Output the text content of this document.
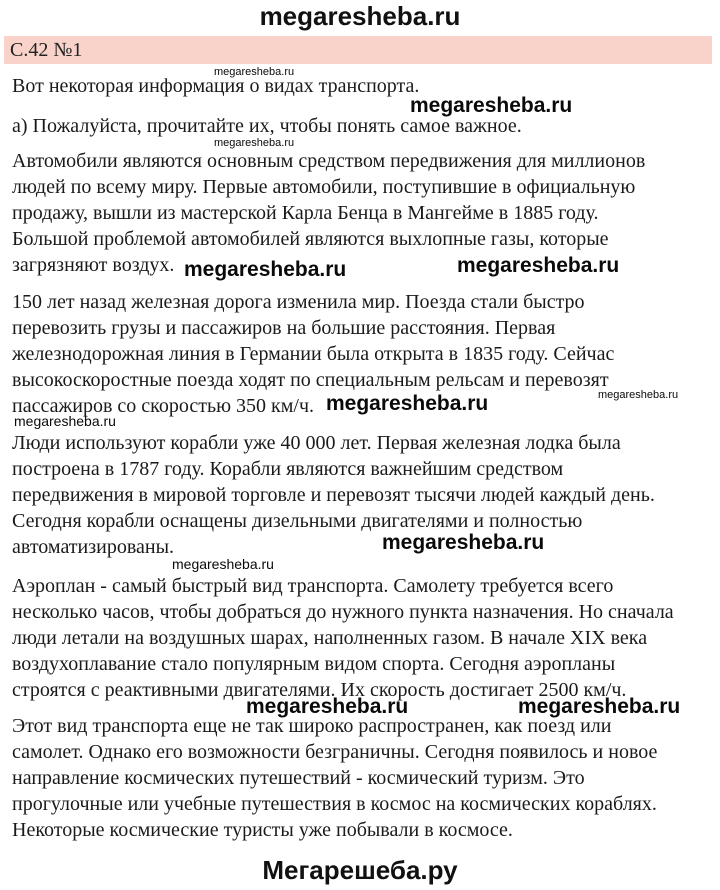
megaresheba.ru
С.42 №1
Вот некоторая информация о видах транспорта.
а) Пожалуйста, прочитайте их, чтобы понять самое важное.
Автомобили являются основным средством передвижения для миллионов
людей по всему миру. Первые автомобили, поступившие в официальную
продажу, вышли из мастерской Карла Бенца в Мангейме в 1885 году.
Большой проблемой автомобилей являются выхлопные газы, которые
загрязняют воздух.
150 лет назад железная дорога изменила мир. Поезда стали быстро
перевозить грузы и пассажиров на большие расстояния. Первая
железнодорожная линия в Германии была открыта в 1835 году. Сейчас
высокоскоростные поезда ходят по специальным рельсам и перевозят
пассажиров со скоростью 350 км/ч.
Люди используют корабли уже 40 000 лет. Первая железная лодка была
построена в 1787 году. Корабли являются важнейшим средством
передвижения в мировой торговле и перевозят тысячи людей каждый день.
Сегодня корабли оснащены дизельными двигателями и полностью
автоматизированы.
Аэроплан - самый быстрый вид транспорта. Самолету требуется всего
несколько часов, чтобы добраться до нужного пункта назначения. Но сначала
люди летали на воздушных шарах, наполненных газом. В начале XIX века
воздухоплавание стало популярным видом спорта. Сегодня аэропланы
строятся с реактивными двигателями. Их скорость достигает 2500 км/ч.
Этот вид транспорта еще не так широко распространен, как поезд или
самолет. Однако его возможности безграничны. Сегодня появилось и новое
направление космических путешествий - космический туризм. Это
прогулочные или учебные путешествия в космос на космических кораблях.
Некоторые космические туристы уже побывали в космосе.
megaresheba.ru
megaresheba.ru
megaresheba.ru
megaresheba.ru	megaresheba.ru
megaresheba.ru	megaresheba.ru
megaresheba.ru
megaresheba.ru
megaresheba.ru
megaresheba.ru	megaresheba.ru
Мегарешеба.ру
